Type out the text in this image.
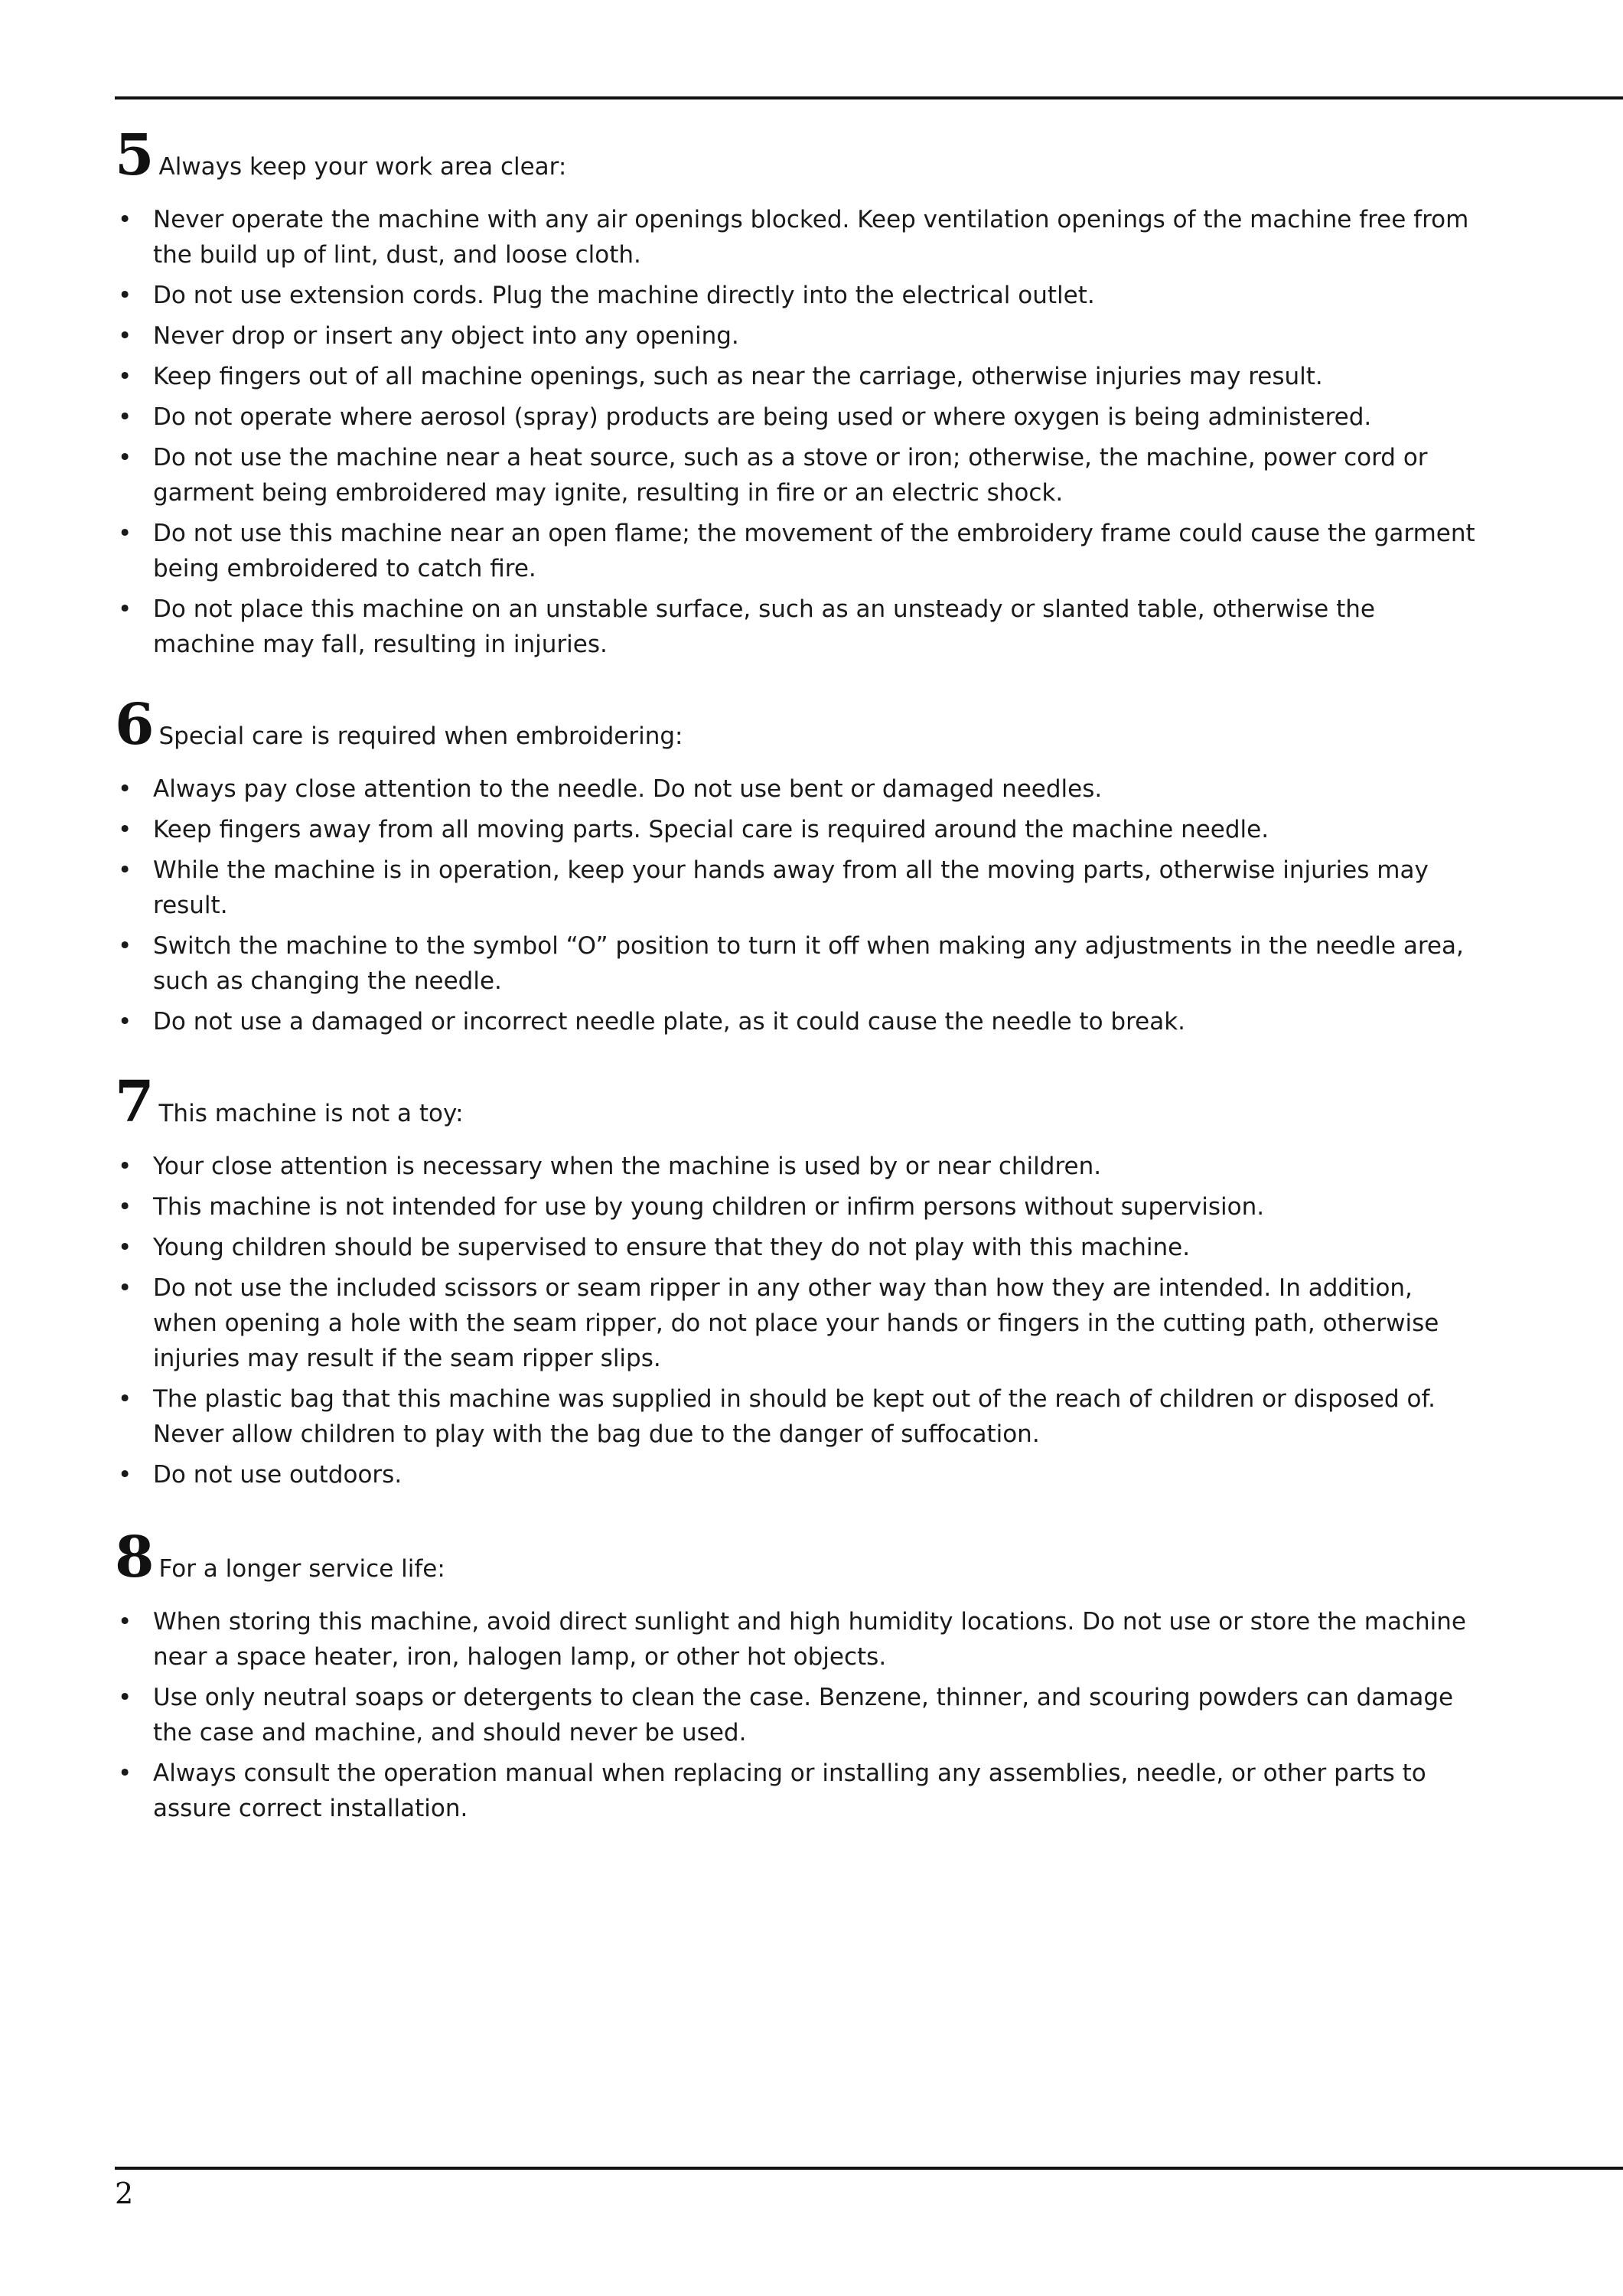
5 Always keep your work area clear:
• Never operate the machine with any air openings blocked. Keep ventilation openings of the machine free from the build up of lint, dust, and loose cloth.
• Do not use extension cords. Plug the machine directly into the electrical outlet.
• Never drop or insert any object into any opening.
• Keep fingers out of all machine openings, such as near the carriage, otherwise injuries may result.
• Do not operate where aerosol (spray) products are being used or where oxygen is being administered.
• Do not use the machine near a heat source, such as a stove or iron; otherwise, the machine, power cord or garment being embroidered may ignite, resulting in fire or an electric shock.
• Do not use this machine near an open flame; the movement of the embroidery frame could cause the garment being embroidered to catch fire.
• Do not place this machine on an unstable surface, such as an unsteady or slanted table, otherwise the machine may fall, resulting in injuries.
6 Special care is required when embroidering:
• Always pay close attention to the needle. Do not use bent or damaged needles.
• Keep fingers away from all moving parts. Special care is required around the machine needle.
• While the machine is in operation, keep your hands away from all the moving parts, otherwise injuries may result.
• Switch the machine to the symbol “O” position to turn it off when making any adjustments in the needle area, such as changing the needle.
• Do not use a damaged or incorrect needle plate, as it could cause the needle to break.
7 This machine is not a toy:
• Your close attention is necessary when the machine is used by or near children.
• This machine is not intended for use by young children or infirm persons without supervision.
• Young children should be supervised to ensure that they do not play with this machine.
• Do not use the included scissors or seam ripper in any other way than how they are intended. In addition, when opening a hole with the seam ripper, do not place your hands or fingers in the cutting path, otherwise injuries may result if the seam ripper slips.
• The plastic bag that this machine was supplied in should be kept out of the reach of children or disposed of. Never allow children to play with the bag due to the danger of suffocation.
• Do not use outdoors.
8 For a longer service life:
• When storing this machine, avoid direct sunlight and high humidity locations. Do not use or store the machine near a space heater, iron, halogen lamp, or other hot objects.
• Use only neutral soaps or detergents to clean the case. Benzene, thinner, and scouring powders can damage the case and machine, and should never be used.
• Always consult the operation manual when replacing or installing any assemblies, needle, or other parts to assure correct installation.
2
